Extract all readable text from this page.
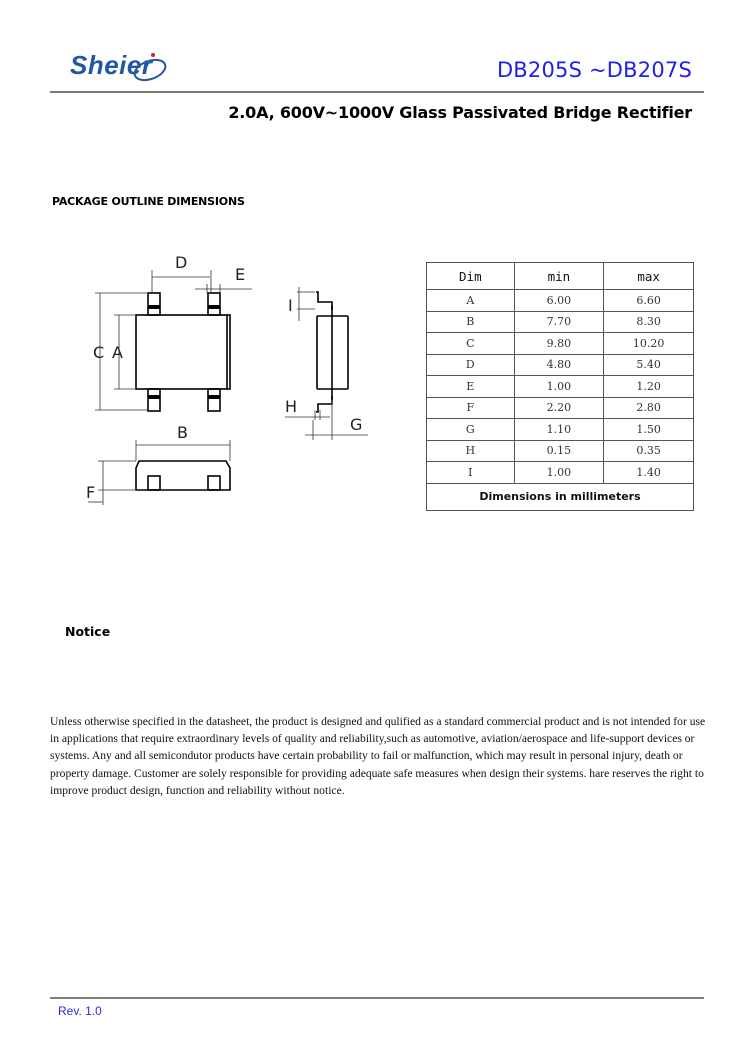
Sheier	DB205S ~DB207S
2.0A, 600V∼1000V Glass Passivated Bridge Rectifier
PACKAGE OUTLINE DIMENSIONS
D
E
C A
I
H
G
B
F
Dim	min	max
A	6.00	6.60
B	7.70	8.30
C	9.80	10.20
D	4.80	5.40
E	1.00	1.20
F	2.20	2.80
G	1.10	1.50
H	0.15	0.35
I	1.00	1.40
Dimensions in millimeters		
Notice
Unless otherwise specified in the datasheet, the product is designed and qulified as a standard commercial product and is not intended for use in applications that require extraordinary levels of quality and reliability,such as automotive, aviation/aerospace and life-support devices or systems. Any and all semicondutor products have certain probability to fail or malfunction, which may result in personal injury, death or property damage. Customer are solely responsible for providing adequate safe measures when design their systems. hare reserves the right to improve product design, function and reliability without notice.
Rev. 1.0
